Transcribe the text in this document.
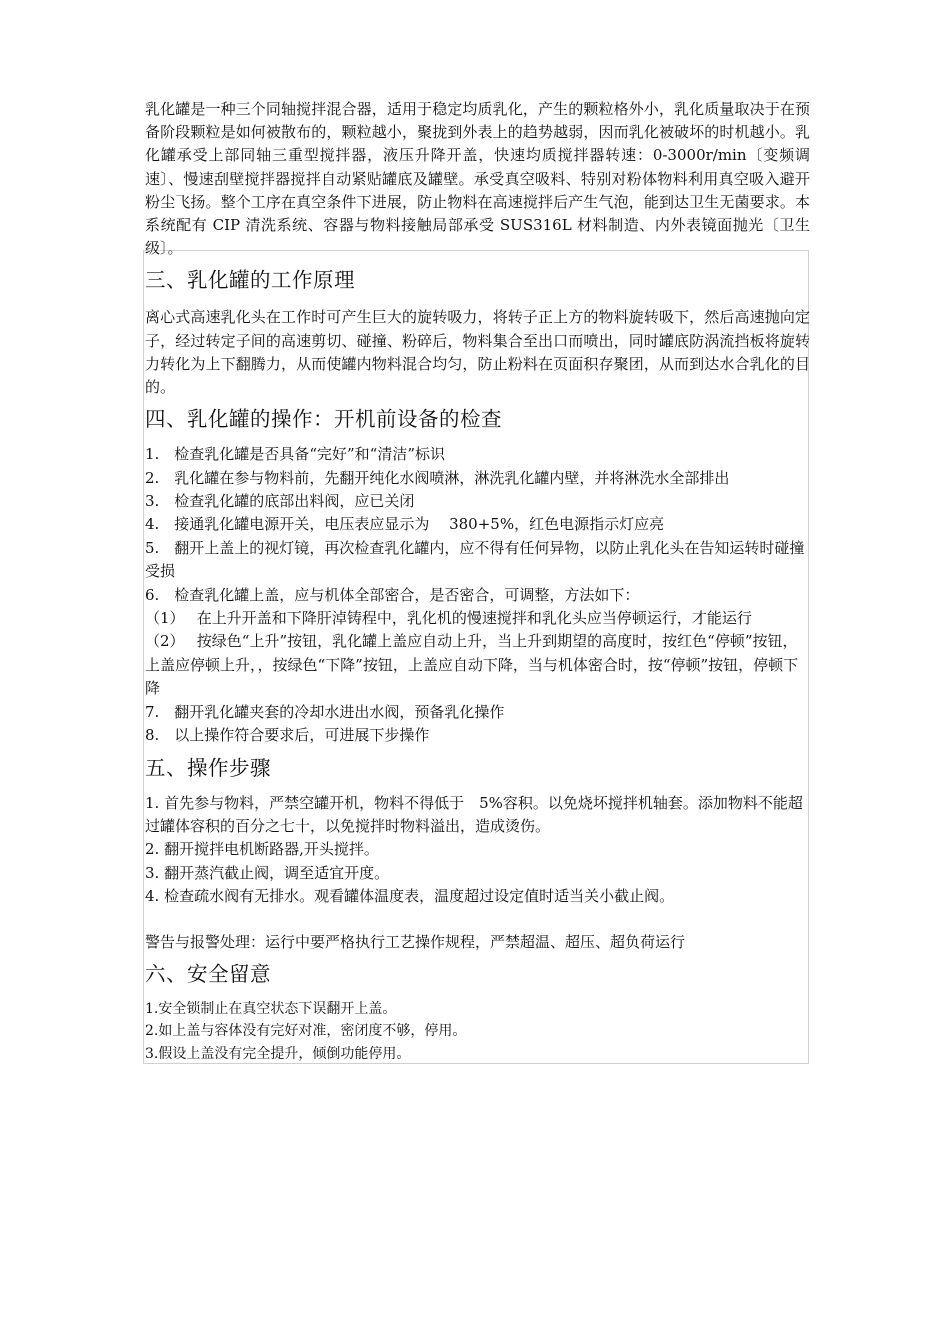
乳化罐是一种三个同轴搅拌混合器，适用于稳定均质乳化，产生的颗粒格外小，乳化质量取决于在预备阶段颗粒是如何被散布的，颗粒越小，聚拢到外表上的趋势越弱，因而乳化被破坏的时机越小。乳化罐承受上部同轴三重型搅拌器，液压升降开盖，快速均质搅拌器转速：0-3000r/min〔变频调速〕、慢速刮壁搅拌器搅拌自动紧贴罐底及罐壁。承受真空吸料、特别对粉体物料利用真空吸入避开粉尘飞扬。整个工序在真空条件下进展，防止物料在高速搅拌后产生气泡，能到达卫生无菌要求。本系统配有 CIP 清洗系统、容器与物料接触局部承受 SUS316L 材料制造、内外表镜面抛光〔卫生级〕。

三、乳化罐的工作原理

离心式高速乳化头在工作时可产生巨大的旋转吸力，将转子正上方的物料旋转吸下，然后高速抛向定子，经过转定子间的高速剪切、碰撞、粉碎后，物料集合至出口而喷出，同时罐底防涡流挡板将旋转力转化为上下翻腾力，从而使罐内物料混合均匀，防止粉料在页面积存聚团，从而到达水合乳化的目的。

四、乳化罐的操作：开机前设备的检查

1.　检查乳化罐是否具备“完好”和“清洁”标识

2.　乳化罐在参与物料前，先翻开纯化水阀喷淋，淋洗乳化罐内壁，并将淋洗水全部排出

3.　检查乳化罐的底部出料阀，应已关闭

4.　接通乳化罐电源开关，电压表应显示为　 380+5%，红色电源指示灯应亮

5.　翻开上盖上的视灯镜，再次检查乳化罐内，应不得有任何异物，以防止乳化头在告知运转时碰撞受损

6.　检查乳化罐上盖，应与机体全部密合，是否密合，可调整，方法如下：

（1）　 在上升开盖和下降肝淖铸程中，乳化机的慢速搅拌和乳化头应当停顿运行，才能运行

（2）　 按绿色“上升”按钮，乳化罐上盖应自动上升，当上升到期望的高度时，按红色“停顿”按钮，上盖应停顿上升，，按绿色“下降”按钮，上盖应自动下降，当与机体密合时，按“停顿”按钮，停顿下降

7.　翻开乳化罐夹套的冷却水进出水阀，预备乳化操作

8.　以上操作符合要求后，可进展下步操作

五、操作步骤

1. 首先参与物料，严禁空罐开机，物料不得低于　5%容积。以免烧坏搅拌机轴套。添加物料不能超过罐体容积的百分之七十，以免搅拌时物料溢出，造成烫伤。

2. 翻开搅拌电机断路器,开头搅拌。

3. 翻开蒸汽截止阀，调至适宜开度。

4. 检查疏水阀有无排水。观看罐体温度表，温度超过设定值时适当关小截止阀。

警告与报警处理：运行中要严格执行工艺操作规程，严禁超温、超压、超负荷运行

六、安全留意

1.安全锁制止在真空状态下误翻开上盖。

2.如上盖与容体没有完好对准，密闭度不够，停用。

3.假设上盖没有完全提升，倾倒功能停用。
